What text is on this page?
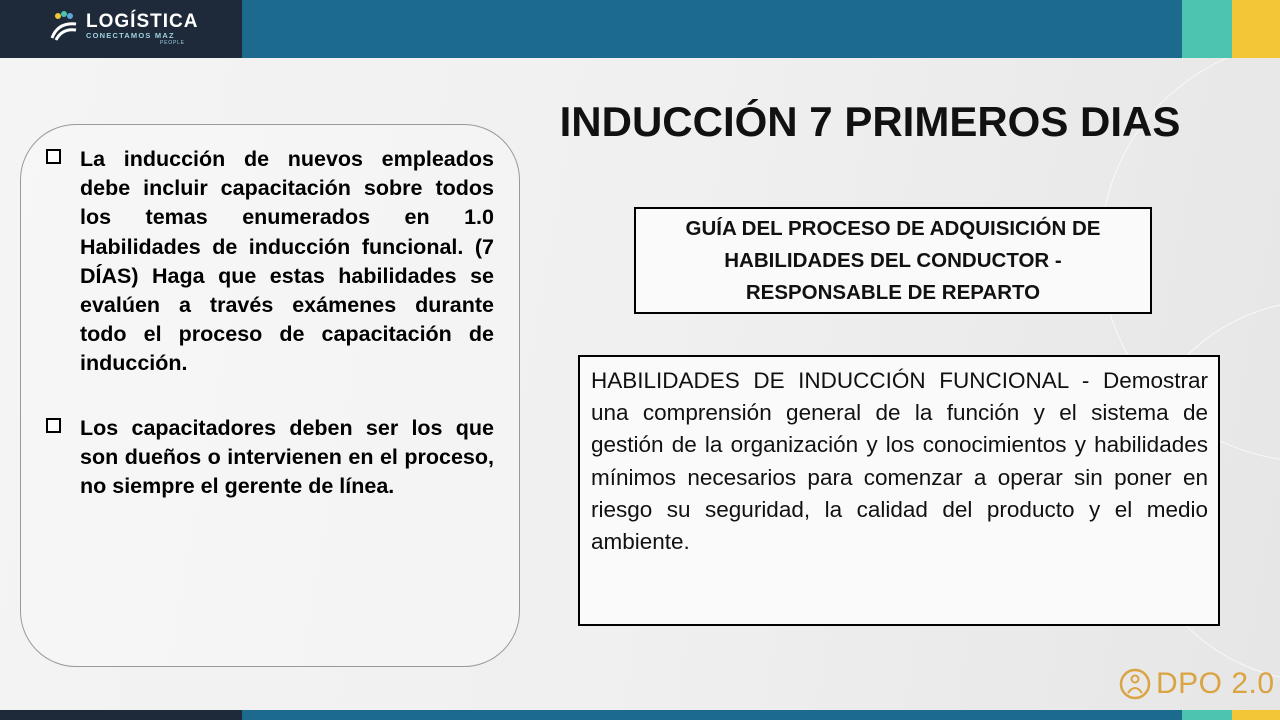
LOGÍSTICA
CONECTAMOS MAZ
PEOPLE
La inducción de nuevos empleados debe incluir capacitación sobre todos los temas enumerados en 1.0 Habilidades de inducción funcional. (7 DÍAS) Haga que estas habilidades se evalúen a través exámenes durante todo el proceso de capacitación de inducción.
Los capacitadores deben ser los que son dueños o intervienen en el proceso, no siempre el gerente de línea.
INDUCCIÓN 7 PRIMEROS DIAS
GUÍA DEL PROCESO DE ADQUISICIÓN DE HABILIDADES DEL CONDUCTOR - RESPONSABLE DE REPARTO
HABILIDADES DE INDUCCIÓN FUNCIONAL - Demostrar una comprensión general de la función y el sistema de gestión de la organización y los conocimientos y habilidades mínimos necesarios para comenzar a operar sin poner en riesgo su seguridad, la calidad del producto y el medio ambiente.
DPO 2.0
